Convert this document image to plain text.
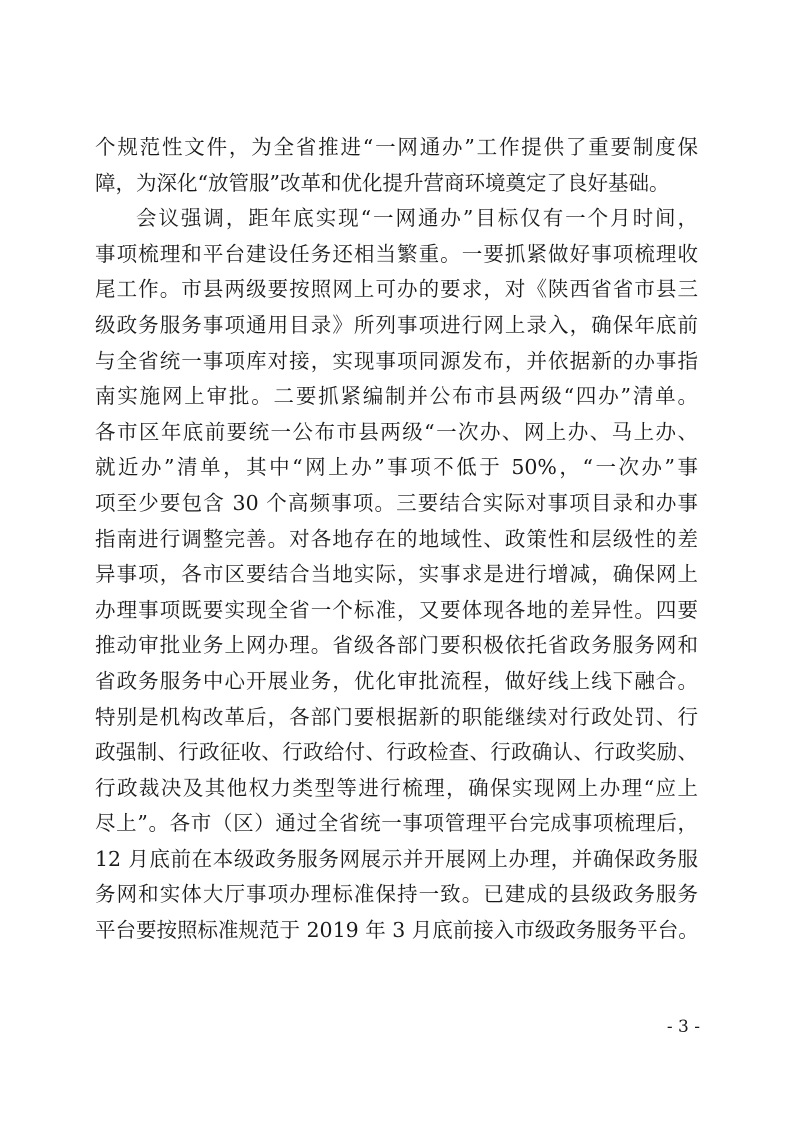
个规范性文件，为全省推进“一网通办”工作提供了重要制度保
障，为深化“放管服”改革和优化提升营商环境奠定了良好基础。
会议强调，距年底实现“一网通办”目标仅有一个月时间，
事项梳理和平台建设任务还相当繁重。一要抓紧做好事项梳理收
尾工作。市县两级要按照网上可办的要求，对《陕西省省市县三
级政务服务事项通用目录》所列事项进行网上录入，确保年底前
与全省统一事项库对接，实现事项同源发布，并依据新的办事指
南实施网上审批。二要抓紧编制并公布市县两级“四办”清单。
各市区年底前要统一公布市县两级“一次办、网上办、马上办、
就近办”清单，其中“网上办”事项不低于 50%，“一次办”事
项至少要包含 30 个高频事项。三要结合实际对事项目录和办事
指南进行调整完善。对各地存在的地域性、政策性和层级性的差
异事项，各市区要结合当地实际，实事求是进行增减，确保网上
办理事项既要实现全省一个标准，又要体现各地的差异性。四要
推动审批业务上网办理。省级各部门要积极依托省政务服务网和
省政务服务中心开展业务，优化审批流程，做好线上线下融合。
特别是机构改革后，各部门要根据新的职能继续对行政处罚、行
政强制、行政征收、行政给付、行政检查、行政确认、行政奖励、
行政裁决及其他权力类型等进行梳理，确保实现网上办理“应上
尽上”。各市（区）通过全省统一事项管理平台完成事项梳理后，
12 月底前在本级政务服务网展示并开展网上办理，并确保政务服
务网和实体大厅事项办理标准保持一致。已建成的县级政务服务
平台要按照标准规范于 2019 年 3 月底前接入市级政务服务平台。
- 3 -
